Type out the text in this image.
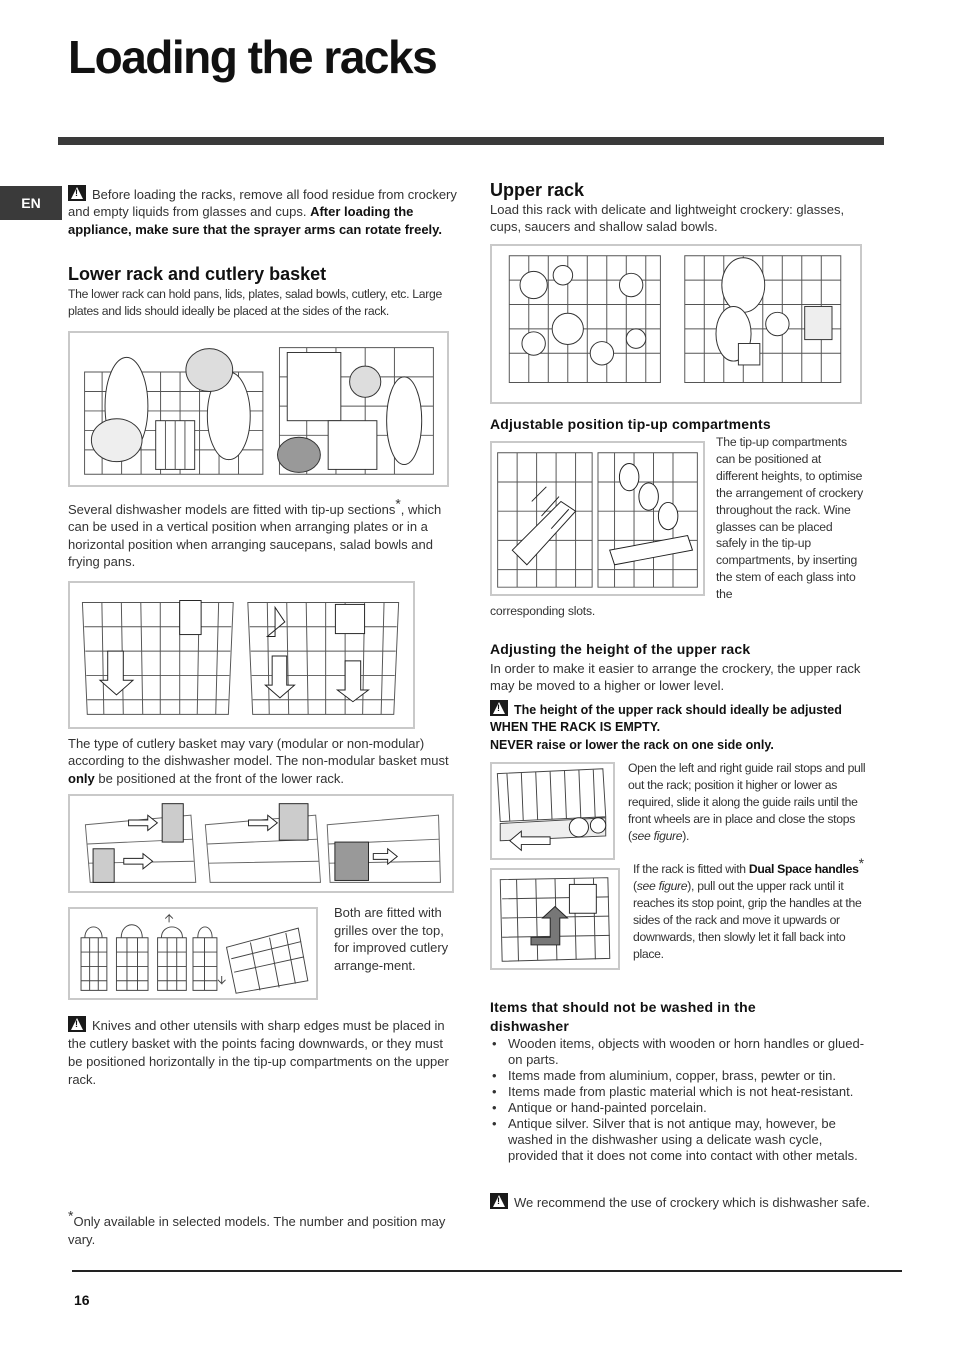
Loading the racks
EN
!Before loading the racks, remove all food residue from crockery and empty liquids from glasses and cups. After loading the appliance, make sure that the sprayer arms can rotate freely.
Lower rack and cutlery basket
The lower rack can hold pans, lids, plates, salad bowls, cutlery, etc. Large plates and lids should ideally be placed at the sides of the rack.
Several dishwasher models are fitted with tip-up sections*, which can be used in a vertical position when arranging plates or in a horizontal position when arranging saucepans, salad bowls and frying pans.
The type of cutlery basket may vary (modular or non-modular) according to the dishwasher model. The non-modular basket must only be positioned at the front of the lower rack.
Both are fitted with grilles over the top, for improved cutlery arrange-ment.
!Knives and other utensils with sharp edges must be placed in the cutlery basket with the points facing downwards, or they must be positioned horizontally in the tip-up compartments on the upper rack.
*Only available in selected models. The number and position may vary.
Upper rack
Load this rack with delicate and lightweight crockery: glasses, cups, saucers and shallow salad bowls.
Adjustable position tip-up compartments
The tip-up compartments can be positioned at different heights, to optimise the arrangement of crockery throughout the rack. Wine glasses can be placed safely in the tip-up compartments, by inserting the stem of each glass into the
corresponding slots.
Adjusting the height of the upper rack
In order to make it easier to arrange the crockery, the upper rack may be moved to a higher or lower level.
!The height of the upper rack should ideally be adjusted WHEN THE RACK IS EMPTY.
NEVER raise or lower the rack on one side only.
Open the left and right guide rail stops and pull out the rack; position it higher or lower as required, slide it along the guide rails until the front wheels are in place and close the stops (see figure).
If the rack is fitted with Dual Space handles* (see figure), pull out the upper rack until it reaches its stop point, grip the handles at the sides of the rack and move it upwards or downwards, then slowly let it fall back into place.
Items that should not be washed in the dishwasher
• Wooden items, objects with wooden or horn handles or glued-on parts.
• Items made from aluminium, copper, brass, pewter or tin.
• Items made from plastic material which is not heat-resistant.
• Antique or hand-painted porcelain.
• Antique silver. Silver that is not antique may, however, be washed in the dishwasher using a delicate wash cycle, provided that it does not come into contact with other metals.
!We recommend the use of crockery which is dishwasher safe.
16
